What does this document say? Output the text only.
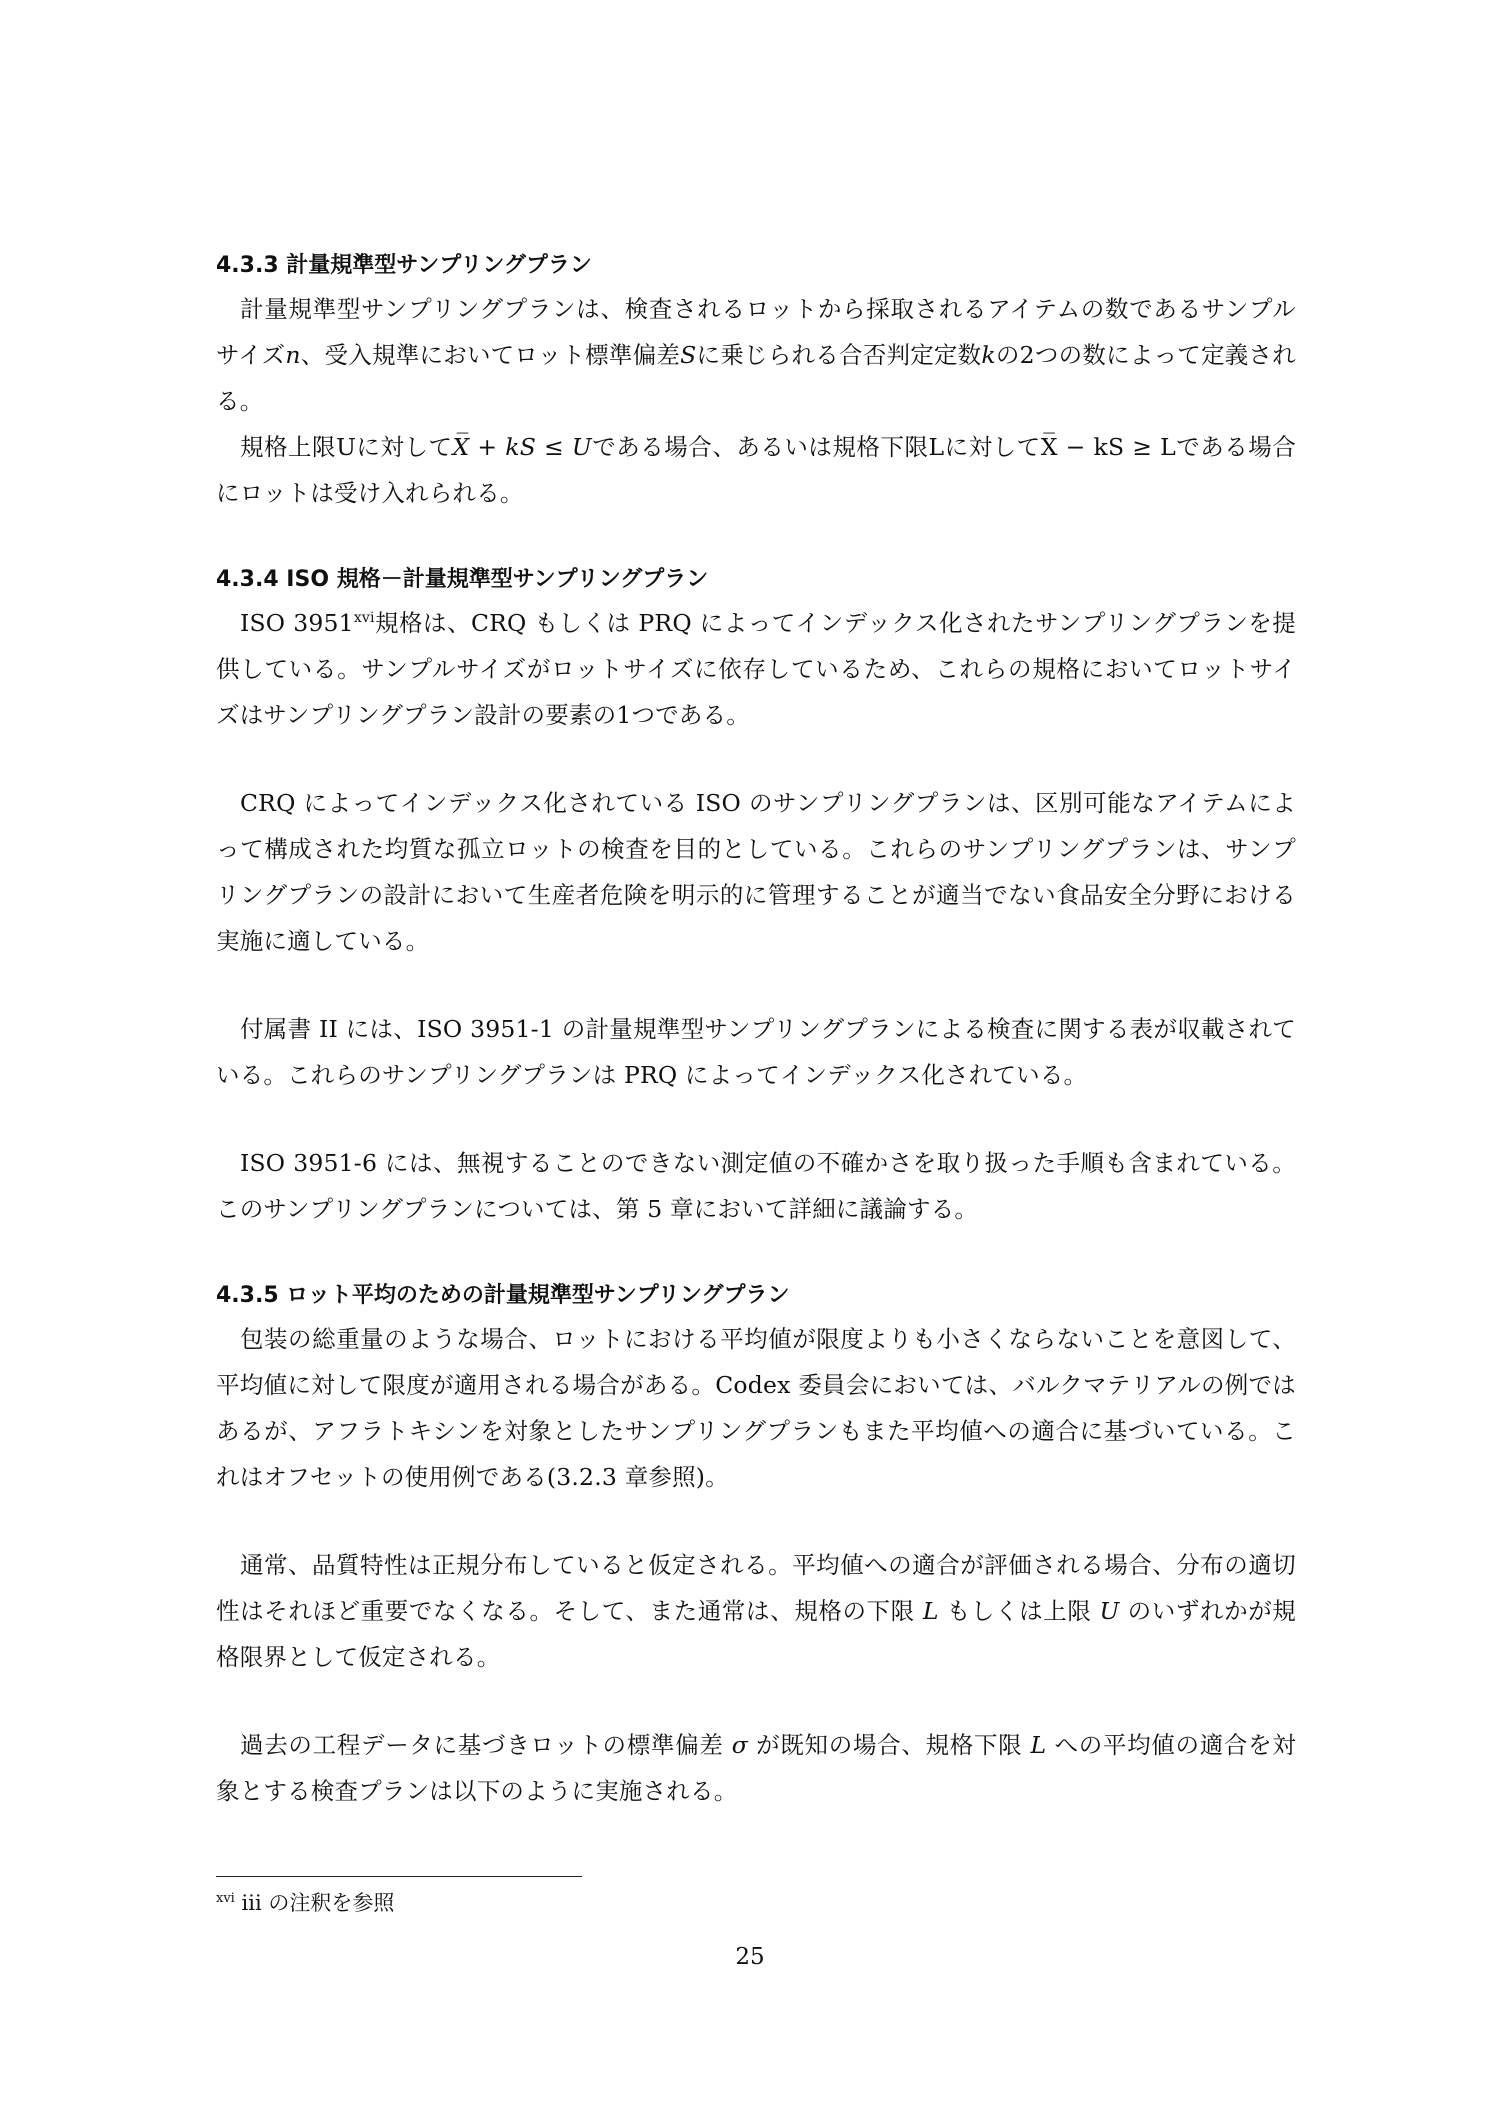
4.3.3 計量規準型サンプリングプラン

計量規準型サンプリングプランは、検査されるロットから採取されるアイテムの数であるサンプルサイズn、受入規準においてロット標準偏差Sに乗じられる合否判定定数kの2つの数によって定義される。

規格上限Uに対してX̅ + kS ≤ Uである場合、あるいは規格下限Lに対してX̅ − kS ≥ Lである場合にロットは受け入れられる。

4.3.4 ISO 規格－計量規準型サンプリングプラン

ISO 3951$^{xvi}$規格は、CRQ もしくは PRQ によってインデックス化されたサンプリングプランを提供している。サンプルサイズがロットサイズに依存しているため、これらの規格においてロットサイズはサンプリングプラン設計の要素の1つである。

CRQ によってインデックス化されている ISO のサンプリングプランは、区別可能なアイテムによって構成された均質な孤立ロットの検査を目的としている。これらのサンプリングプランは、サンプリングプランの設計において生産者危険を明示的に管理することが適当でない食品安全分野における実施に適している。

付属書 II には、ISO 3951-1 の計量規準型サンプリングプランによる検査に関する表が収載されている。これらのサンプリングプランは PRQ によってインデックス化されている。

ISO 3951-6 には、無視することのできない測定値の不確かさを取り扱った手順も含まれている。このサンプリングプランについては、第 5 章において詳細に議論する。

4.3.5 ロット平均のための計量規準型サンプリングプラン

包装の総重量のような場合、ロットにおける平均値が限度よりも小さくならないことを意図して、平均値に対して限度が適用される場合がある。Codex 委員会においては、バルクマテリアルの例ではあるが、アフラトキシンを対象としたサンプリングプランもまた平均値への適合に基づいている。これはオフセットの使用例である(3.2.3 章参照)。

通常、品質特性は正規分布していると仮定される。平均値への適合が評価される場合、分布の適切性はそれほど重要でなくなる。そして、また通常は、規格の下限 L もしくは上限 U のいずれかが規格限界として仮定される。

過去の工程データに基づきロットの標準偏差 σ が既知の場合、規格下限 L への平均値の適合を対象とする検査プランは以下のように実施される。

$^{xvi}$ iii の注釈を参照
25
